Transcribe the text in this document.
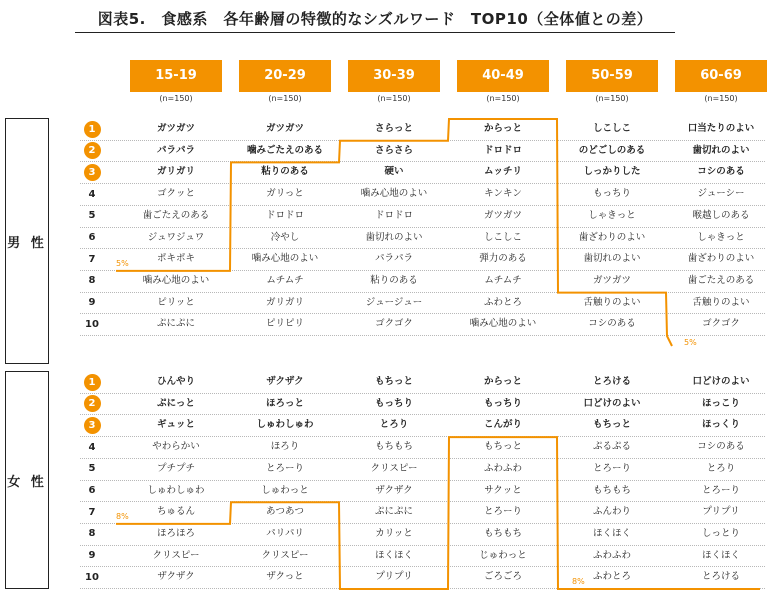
図表5.　食感系　各年齢層の特徴的なシズルワード　TOP10（全体値との差）
15-19
(n=150)
20-29
(n=150)
30-39
(n=150)
40-49
(n=150)
50-59
(n=150)
60-69
(n=150)
男 性
1	ガツガツ	ガツガツ	さらっと	からっと	しこしこ	口当たりのよい
2	パラパラ	噛みごたえのある	さらさら	ドロドロ	のどごしのある	歯切れのよい
3	ガリガリ	粘りのある	硬い	ムッチリ	しっかりした	コシのある
4	ゴクッと	ガリっと	噛み心地のよい	キンキン	もっちり	ジューシー
5	歯ごたえのある	ドロドロ	ドロドロ	ガツガツ	しゃきっと	喉越しのある
6	ジュワジュワ	冷やし	歯切れのよい	しこしこ	歯ざわりのよい	しゃきっと
7	ポキポキ	噛み心地のよい	パラパラ	弾力のある	歯切れのよい	歯ざわりのよい
8	噛み心地のよい	ムチムチ	粘りのある	ムチムチ	ガツガツ	歯ごたえのある
9	ピリッと	ガリガリ	ジュージュー	ふわとろ	舌触りのよい	舌触りのよい
10	ぷにぷに	ピリピリ	ゴクゴク	噛み心地のよい	コシのある	ゴクゴク
5%
5%
女 性
1	ひんやり	ザクザク	もちっと	からっと	とろける	口どけのよい
2	ぷにっと	ほろっと	もっちり	もっちり	口どけのよい	ほっこり
3	ギュッと	しゅわしゅわ	とろり	こんがり	もちっと	ほっくり
4	やわらかい	ほろり	もちもち	もちっと	ぷるぷる	コシのある
5	プチプチ	とろーり	クリスピー	ふわふわ	とろーり	とろり
6	しゅわしゅわ	しゅわっと	ザクザク	サクッと	もちもち	とろーり
7	ちゅるん	あつあつ	ぷにぷに	とろーり	ふんわり	プリプリ
8	ほろほろ	パリパリ	カリッと	もちもち	ほくほく	しっとり
9	クリスピー	クリスピー	ほくほく	じゅわっと	ふわふわ	ほくほく
10	ザクザク	ザクっと	プリプリ	ごろごろ	ふわとろ	とろける
8%
8%
